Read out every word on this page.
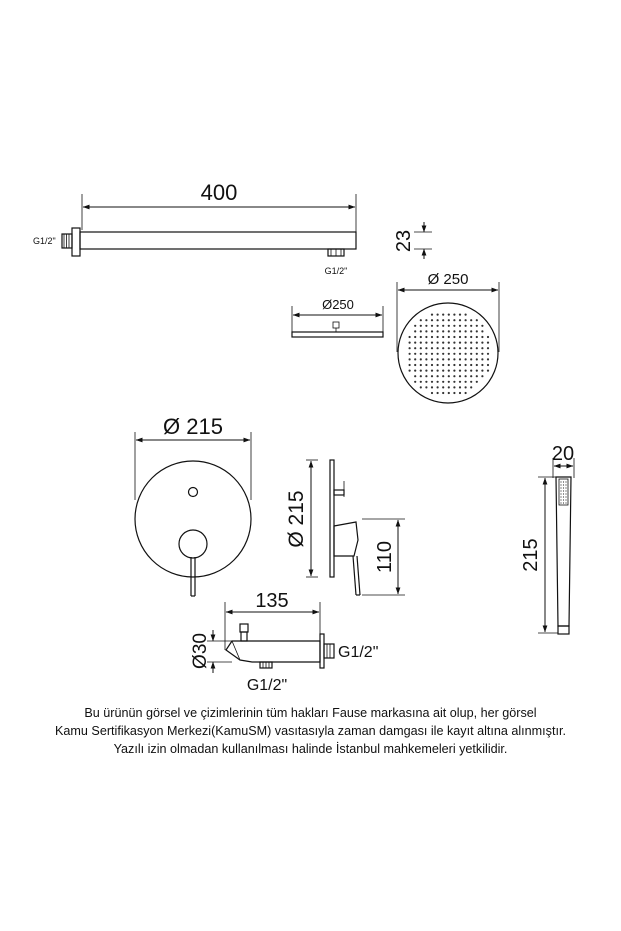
400
G1/2"
G1/2"
23
Ø250
Ø 250
Ø 215
Ø 215
110
20
215
135
Ø30	G1/2"
G1/2"
Bu ürünün görsel ve çizimlerinin tüm hakları Fause markasına ait olup, her görsel
Kamu Sertifikasyon Merkezi(KamuSM) vasıtasıyla zaman damgası ile kayıt altına alınmıştır.
Yazılı izin olmadan kullanılması halinde İstanbul mahkemeleri yetkilidir.
